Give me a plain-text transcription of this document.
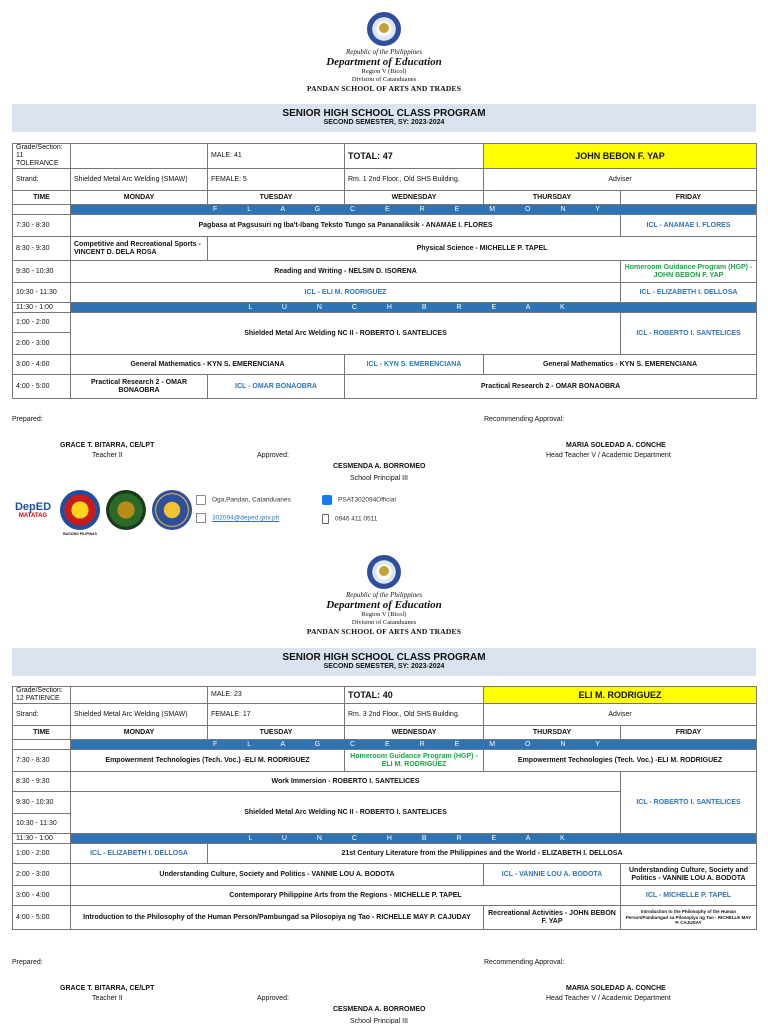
Republic of the Philippines
Department of Education
Region V (Bicol)
Division of Catanduanes
PANDAN SCHOOL OF ARTS AND TRADES
SENIOR HIGH SCHOOL CLASS PROGRAM
SECOND SEMESTER, SY: 2023-2024
Grade/Section: 11 TOLERANCE		MALE: 41	TOTAL: 47	JOHN BEBON F. YAP	
Strand:	Shielded Metal Arc Welding (SMAW)	FEMALE: 5	Rm. 1 2nd Floor., Old SHS Building.	Adviser	
TIME	MONDAY	TUESDAY	WEDNESDAY	THURSDAY	FRIDAY
	F L A G C E R E M O N Y				
7:30 - 8:30	Pagbasa at Pagsusuri ng Iba't-Ibang Teksto Tungo sa Pananaliksik - ANAMAE I. FLORES				ICL - ANAMAE I. FLORES
8:30 - 9:30	Competitive and Recreational Sports - VINCENT D. DELA ROSA	Physical Science - MICHELLE P. TAPEL			
9:30 - 10:30	Reading and Writing - NELSIN D. ISORENA				Homeroom Guidance Program (HGP) - JOHN BEBON F. YAP
10:30 - 11:30	ICL - ELI M. RODRIGUEZ				ICL - ELIZABETH I. DELLOSA
11:30 - 1:00	L U N C H B R E A K				
1:00 - 2:00	Shielded Metal Arc Welding NC II - ROBERTO I. SANTELICES				ICL - ROBERTO I. SANTELICES
2:00 - 3:00					
3:00 - 4:00	General Mathematics - KYN S. EMERENCIANA		ICL - KYN S. EMERENCIANA	General Mathematics - KYN S. EMERENCIANA	
4:00 - 5:00	Practical Research 2 - OMAR BONAOBRA	ICL - OMAR BONAOBRA	Practical Research 2 - OMAR BONAOBRA		
Prepared:	Recommending Approval:
GRACE T. BITARRA, CE/LPT
Teacher II
MARIA SOLEDAD A. CONCHE
Head Teacher V / Academic Department
Approved:
CESMENDA A. BORROMEO
School Principal III
DepED
MATATAG
BAGONG PILIPINAS
Oga,Pandan, Catanduanes
302094@deped.gov.ph
PSAT302094Official
0946 411 0511
Republic of the Philippines
Department of Education
Region V (Bicol)
Division of Catanduanes
PANDAN SCHOOL OF ARTS AND TRADES
SENIOR HIGH SCHOOL CLASS PROGRAM
SECOND SEMESTER, SY: 2023-2024
Grade/Section: 12 PATIENCE		MALE: 23	TOTAL: 40	ELI M. RODRIGUEZ	
Strand:	Shielded Metal Arc Welding (SMAW)	FEMALE: 17	Rm. 3 2nd Floor., Old SHS Building.	Adviser	
TIME	MONDAY	TUESDAY	WEDNESDAY	THURSDAY	FRIDAY
	F L A G C E R E M O N Y				
7:30 - 8:30	Empowerment Technologies (Tech. Voc.) -ELI M. RODRIGUEZ		Homeroom Guidance Program (HGP) - ELI M. RODRIGUEZ	Empowerment Technologies (Tech. Voc.) -ELI M. RODRIGUEZ	
8:30 - 9:30	Work Immersion - ROBERTO I. SANTELICES				ICL - ROBERTO I. SANTELICES
9:30 - 10:30	Shielded Metal Arc Welding NC II - ROBERTO I. SANTELICES				
10:30 - 11:30					
11:30 - 1:00	L U N C H B R E A K				
1:00 - 2:00	ICL - ELIZABETH I. DELLOSA	21st Century Literature from the Philippines and the World - ELIZABETH I. DELLOSA			
2:00 - 3:00	Understanding Culture, Society and Politics - VANNIE LOU A. BODOTA			ICL - VANNIE LOU A. BODOTA	Understanding Culture, Society and Politics - VANNIE LOU A. BODOTA
3:00 - 4:00	Contemporary Philippine Arts from the Regions - MICHELLE P. TAPEL				ICL - MICHELLE P. TAPEL
4:00 - 5:00	Introduction to the Philosophy of the Human Person/Pambungad sa Pilosopiya ng Tao - RICHELLE MAY P. CAJUDAY			Recreational Activities - JOHN BEBON F. YAP	Introduction to the Philosophy of the Human Person/Pambungad sa Pilosopiya ng Tao - RICHELLE MAY P. CAJUDAY
Prepared:	Recommending Approval:
GRACE T. BITARRA, CE/LPT
Teacher II
MARIA SOLEDAD A. CONCHE
Head Teacher V / Academic Department
Approved:
CESMENDA A. BORROMEO
School Principal III
